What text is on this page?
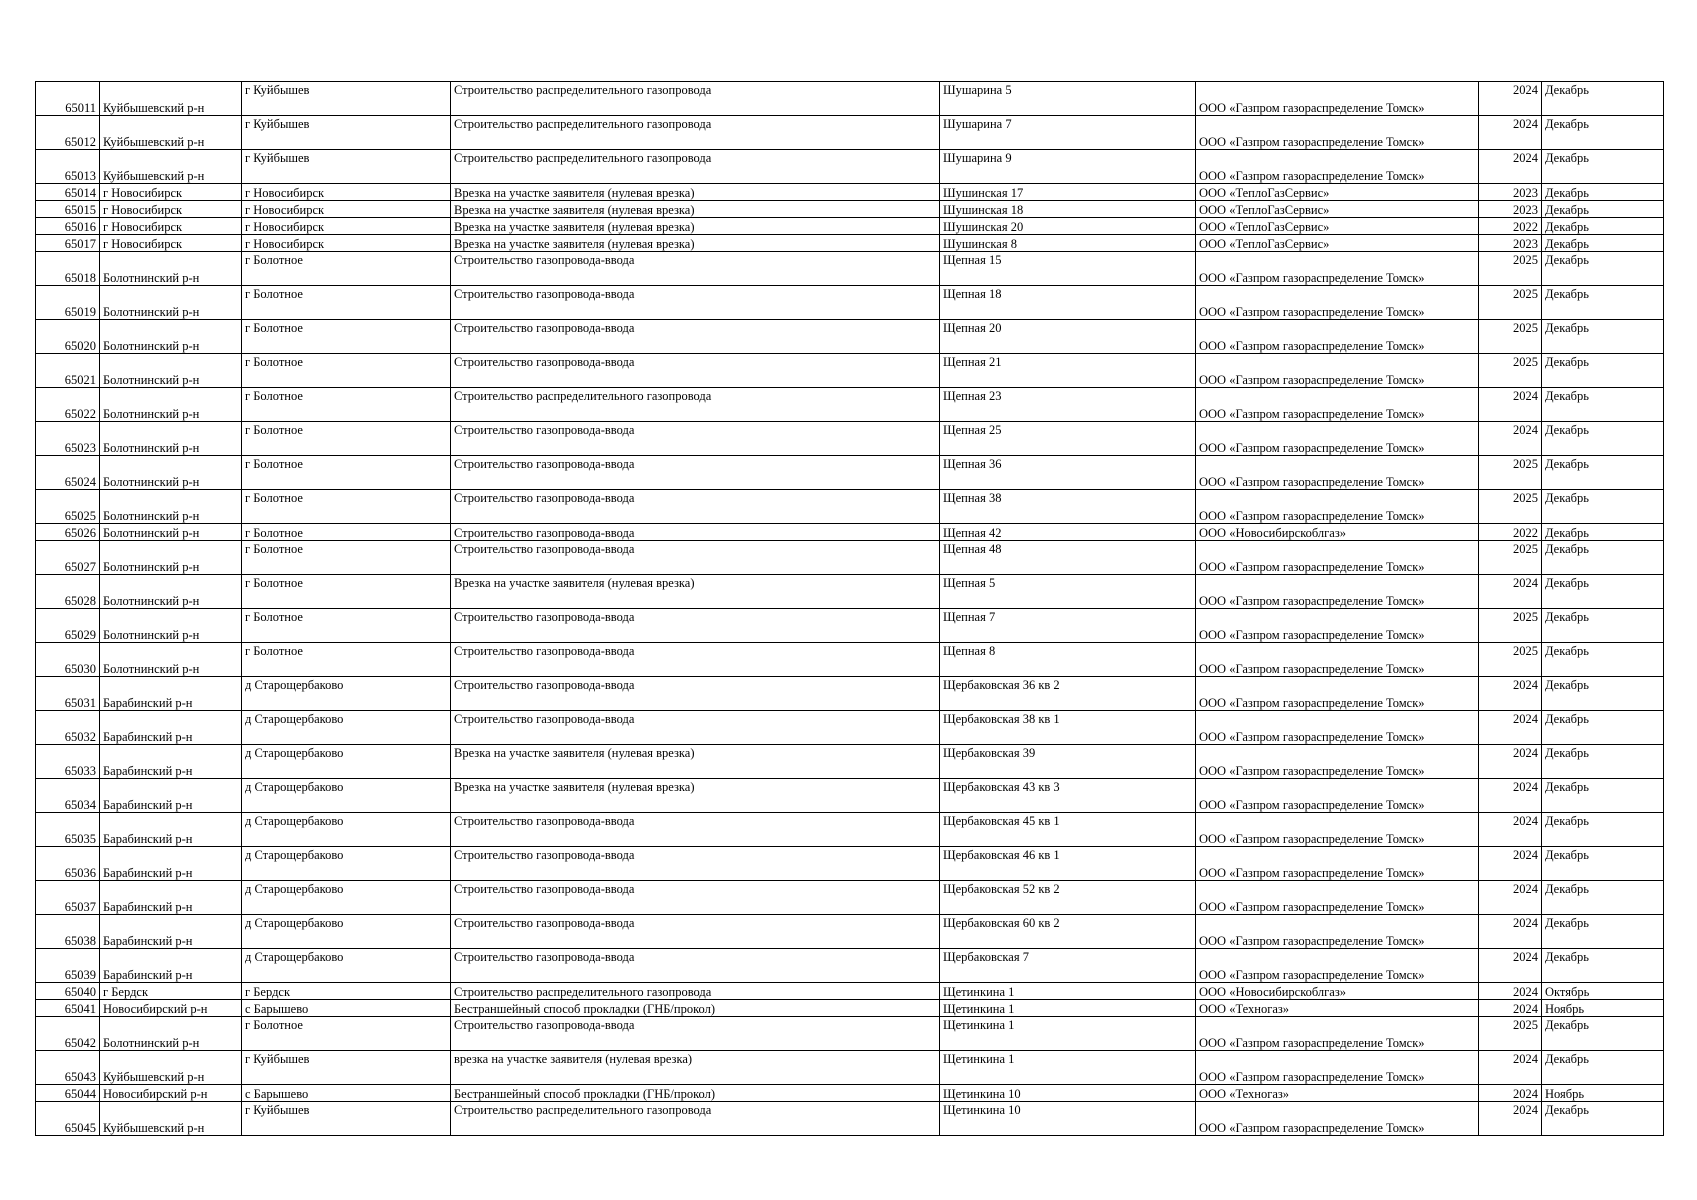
65011	Куйбышевский р-н	г Куйбышев	Строительство распределительного газопровода	Шушарина 5	ООО «Газпром газораспределение Томск»	2024	Декабрь
65012	Куйбышевский р-н	г Куйбышев	Строительство распределительного газопровода	Шушарина 7	ООО «Газпром газораспределение Томск»	2024	Декабрь
65013	Куйбышевский р-н	г Куйбышев	Строительство распределительного газопровода	Шушарина 9	ООО «Газпром газораспределение Томск»	2024	Декабрь
65014	г Новосибирск	г Новосибирск	Врезка на участке заявителя (нулевая врезка)	Шушинская 17	ООО «ТеплоГазСервис»	2023	Декабрь
65015	г Новосибирск	г Новосибирск	Врезка на участке заявителя (нулевая врезка)	Шушинская 18	ООО «ТеплоГазСервис»	2023	Декабрь
65016	г Новосибирск	г Новосибирск	Врезка на участке заявителя (нулевая врезка)	Шушинская 20	ООО «ТеплоГазСервис»	2022	Декабрь
65017	г Новосибирск	г Новосибирск	Врезка на участке заявителя (нулевая врезка)	Шушинская 8	ООО «ТеплоГазСервис»	2023	Декабрь
65018	Болотнинский р-н	г Болотное	Строительство газопровода-ввода	Щепная 15	ООО «Газпром газораспределение Томск»	2025	Декабрь
65019	Болотнинский р-н	г Болотное	Строительство газопровода-ввода	Щепная 18	ООО «Газпром газораспределение Томск»	2025	Декабрь
65020	Болотнинский р-н	г Болотное	Строительство газопровода-ввода	Щепная 20	ООО «Газпром газораспределение Томск»	2025	Декабрь
65021	Болотнинский р-н	г Болотное	Строительство газопровода-ввода	Щепная 21	ООО «Газпром газораспределение Томск»	2025	Декабрь
65022	Болотнинский р-н	г Болотное	Строительство распределительного газопровода	Щепная 23	ООО «Газпром газораспределение Томск»	2024	Декабрь
65023	Болотнинский р-н	г Болотное	Строительство газопровода-ввода	Щепная 25	ООО «Газпром газораспределение Томск»	2024	Декабрь
65024	Болотнинский р-н	г Болотное	Строительство газопровода-ввода	Щепная 36	ООО «Газпром газораспределение Томск»	2025	Декабрь
65025	Болотнинский р-н	г Болотное	Строительство газопровода-ввода	Щепная 38	ООО «Газпром газораспределение Томск»	2025	Декабрь
65026	Болотнинский р-н	г Болотное	Строительство газопровода-ввода	Щепная 42	ООО «Новосибирскоблгаз»	2022	Декабрь
65027	Болотнинский р-н	г Болотное	Строительство газопровода-ввода	Щепная 48	ООО «Газпром газораспределение Томск»	2025	Декабрь
65028	Болотнинский р-н	г Болотное	Врезка на участке заявителя (нулевая врезка)	Щепная 5	ООО «Газпром газораспределение Томск»	2024	Декабрь
65029	Болотнинский р-н	г Болотное	Строительство газопровода-ввода	Щепная 7	ООО «Газпром газораспределение Томск»	2025	Декабрь
65030	Болотнинский р-н	г Болотное	Строительство газопровода-ввода	Щепная 8	ООО «Газпром газораспределение Томск»	2025	Декабрь
65031	Барабинский р-н	д Старощербаково	Строительство газопровода-ввода	Щербаковская 36 кв 2	ООО «Газпром газораспределение Томск»	2024	Декабрь
65032	Барабинский р-н	д Старощербаково	Строительство газопровода-ввода	Щербаковская 38 кв 1	ООО «Газпром газораспределение Томск»	2024	Декабрь
65033	Барабинский р-н	д Старощербаково	Врезка на участке заявителя (нулевая врезка)	Щербаковская 39	ООО «Газпром газораспределение Томск»	2024	Декабрь
65034	Барабинский р-н	д Старощербаково	Врезка на участке заявителя (нулевая врезка)	Щербаковская 43 кв 3	ООО «Газпром газораспределение Томск»	2024	Декабрь
65035	Барабинский р-н	д Старощербаково	Строительство газопровода-ввода	Щербаковская 45 кв 1	ООО «Газпром газораспределение Томск»	2024	Декабрь
65036	Барабинский р-н	д Старощербаково	Строительство газопровода-ввода	Щербаковская 46 кв 1	ООО «Газпром газораспределение Томск»	2024	Декабрь
65037	Барабинский р-н	д Старощербаково	Строительство газопровода-ввода	Щербаковская 52 кв 2	ООО «Газпром газораспределение Томск»	2024	Декабрь
65038	Барабинский р-н	д Старощербаково	Строительство газопровода-ввода	Щербаковская 60 кв 2	ООО «Газпром газораспределение Томск»	2024	Декабрь
65039	Барабинский р-н	д Старощербаково	Строительство газопровода-ввода	Щербаковская 7	ООО «Газпром газораспределение Томск»	2024	Декабрь
65040	г Бердск	г Бердск	Строительство распределительного газопровода	Щетинкина 1	ООО «Новосибирскоблгаз»	2024	Октябрь
65041	Новосибирский р-н	с Барышево	Бестраншейный способ прокладки (ГНБ/прокол)	Щетинкина 1	ООО «Техногаз»	2024	Ноябрь
65042	Болотнинский р-н	г Болотное	Строительство газопровода-ввода	Щетинкина 1	ООО «Газпром газораспределение Томск»	2025	Декабрь
65043	Куйбышевский р-н	г Куйбышев	врезка на участке заявителя (нулевая врезка)	Щетинкина 1	ООО «Газпром газораспределение Томск»	2024	Декабрь
65044	Новосибирский р-н	с Барышево	Бестраншейный способ прокладки (ГНБ/прокол)	Щетинкина 10	ООО «Техногаз»	2024	Ноябрь
65045	Куйбышевский р-н	г Куйбышев	Строительство распределительного газопровода	Щетинкина 10	ООО «Газпром газораспределение Томск»	2024	Декабрь
